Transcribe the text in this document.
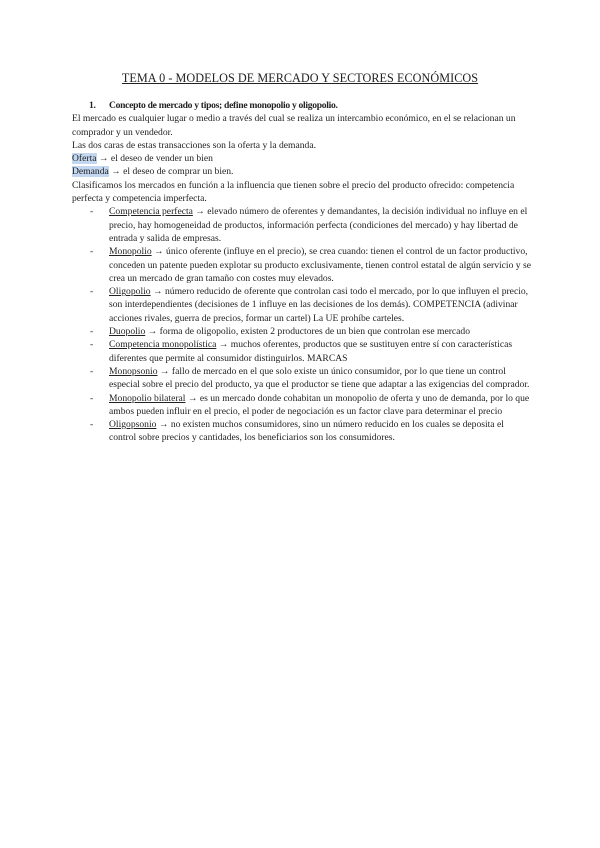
TEMA 0 - MODELOS DE MERCADO Y SECTORES ECONÓMICOS
1.	Concepto de mercado y tipos; define monopolio y oligopolio.

El mercado es cualquier lugar o medio a través del cual se realiza un intercambio económico, en el se relacionan un comprador y un vendedor.

Las dos caras de estas transacciones son la oferta y la demanda.

Oferta → el deseo de vender un bien

Demanda → el deseo de comprar un bien.

Clasificamos los mercados en función a la influencia que tienen sobre el precio del producto ofrecido: competencia perfecta y competencia imperfecta.

- Competencia perfecta → elevado número de oferentes y demandantes, la decisión individual no influye en el precio, hay homogeneidad de productos, información perfecta (condiciones del mercado) y hay libertad de entrada y salida de empresas.
- Monopolio → único oferente (influye en el precio), se crea cuando: tienen el control de un factor productivo, conceden un patente pueden explotar su producto exclusivamente, tienen control estatal de algún servicio y se crea un mercado de gran tamaño con costes muy elevados.
- Oligopolio → número reducido de oferente que controlan casi todo el mercado, por lo que influyen el precio, son interdependientes (decisiones de 1 influye en las decisiones de los demás). COMPETENCIA (adivinar acciones rivales, guerra de precios, formar un cartel) La UE prohíbe carteles.
- Duopolio → forma de oligopolio, existen 2 productores de un bien que controlan ese mercado
- Competencia monopolística → muchos oferentes, productos que se sustituyen entre sí con características diferentes que permite al consumidor distinguirlos. MARCAS
- Monopsonio → fallo de mercado en el que solo existe un único consumidor, por lo que tiene un control especial sobre el precio del producto, ya que el productor se tiene que adaptar a las exigencias del comprador.
- Monopolio bilateral → es un mercado donde cohabitan un monopolio de oferta y uno de demanda, por lo que ambos pueden influir en el precio, el poder de negociación es un factor clave para determinar el precio
- Oligopsonio → no existen muchos consumidores, sino un número reducido en los cuales se deposita el control sobre precios y cantidades, los beneficiarios son los consumidores.
